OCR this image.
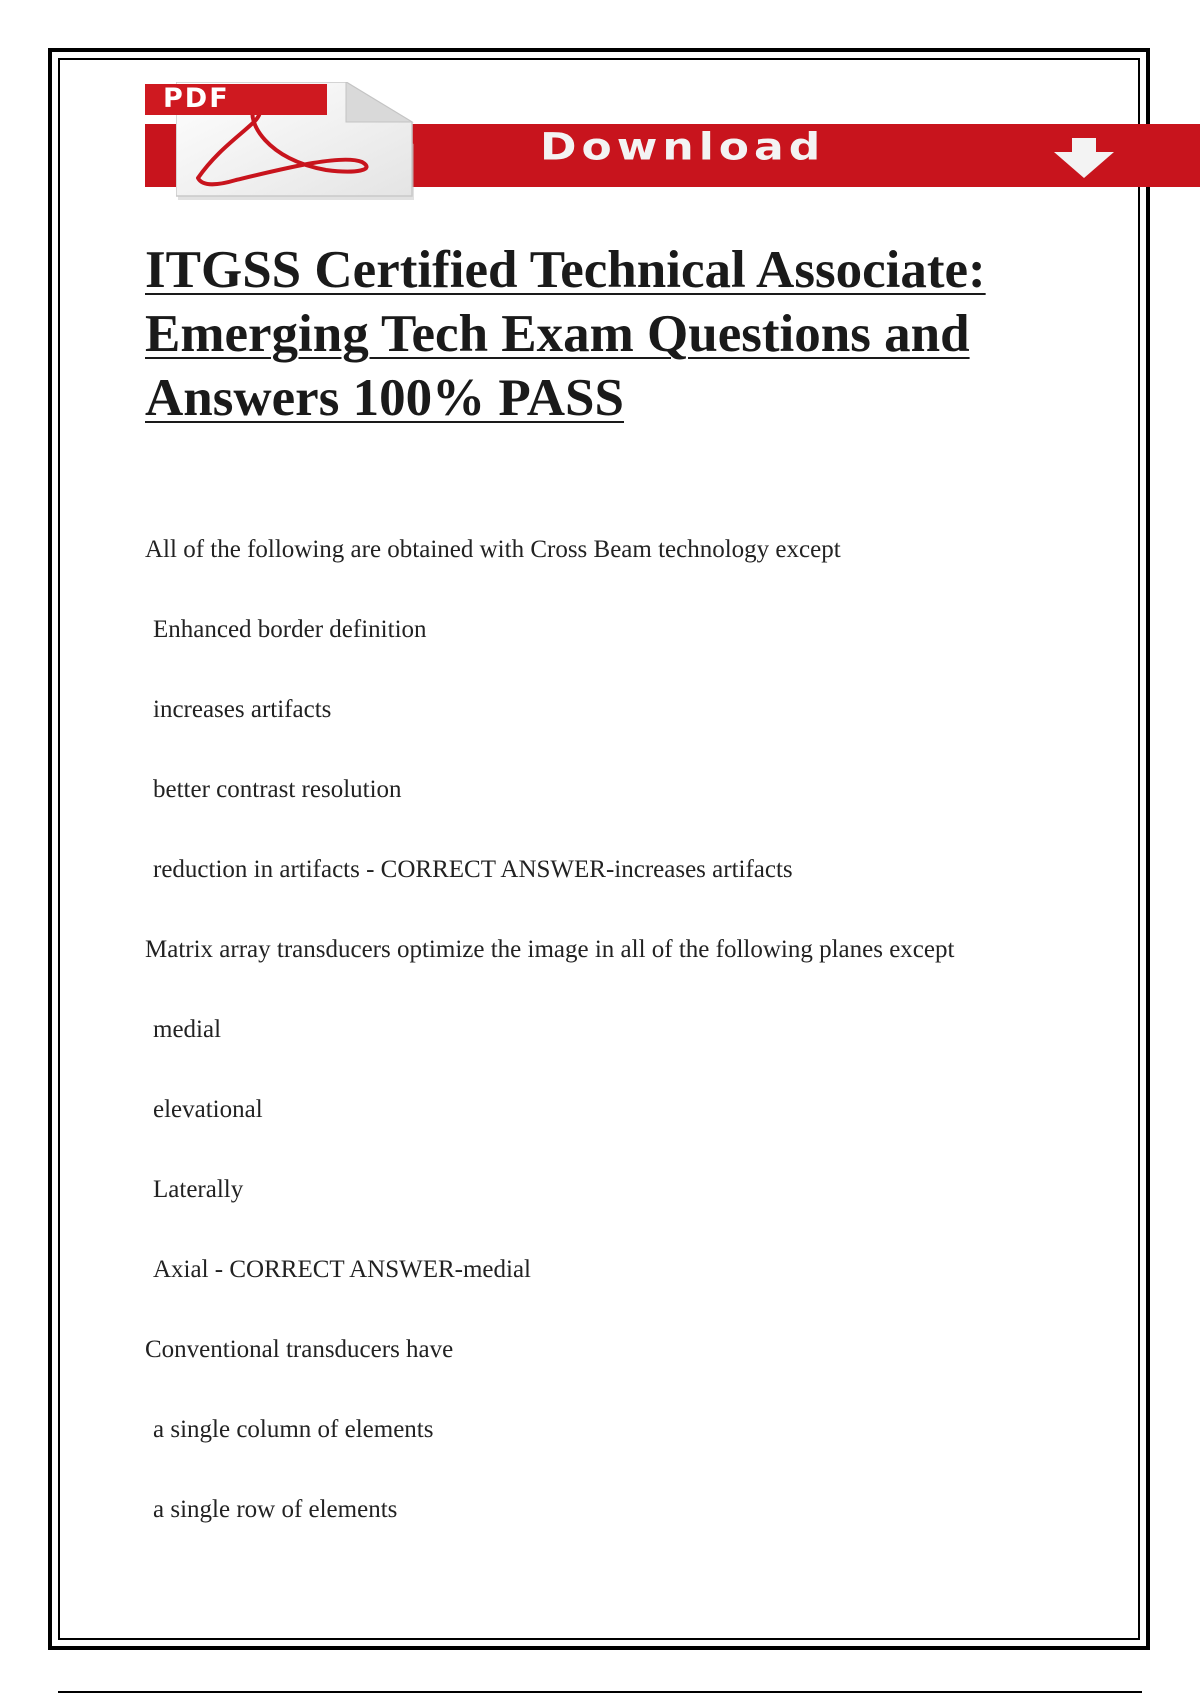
Download
PDF
ITGSS Certified Technical Associate:
Emerging Tech Exam Questions and
Answers 100% PASS
All of the following are obtained with Cross Beam technology except
Enhanced border definition
increases artifacts
better contrast resolution
reduction in artifacts - CORRECT ANSWER-increases artifacts
Matrix array transducers optimize the image in all of the following planes except
medial
elevational
Laterally
Axial - CORRECT ANSWER-medial
Conventional transducers have
a single column of elements
a single row of elements
